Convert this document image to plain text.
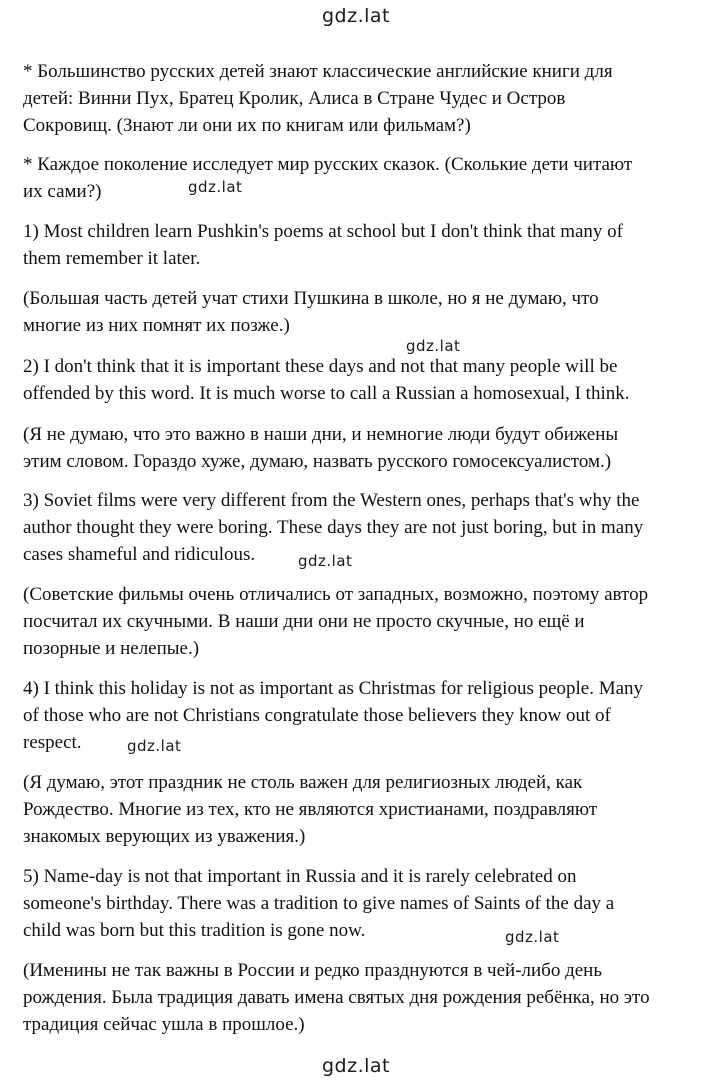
gdz.lat

* Большинство русских детей знают классические английские книги для
детей: Винни Пух, Братец Кролик, Алиса в Стране Чудес и Остров
Сокровищ. (Знают ли они их по книгам или фильмам?)

* Каждое поколение исследует мир русских сказок. (Сколькие дети читают
их сами?)	gdz.lat

1) Most children learn Pushkin's poems at school but I don't think that many of
them remember it later.

(Большая часть детей учат стихи Пушкина в школе, но я не думаю, что
многие из них помнят их позже.)

gdz.lat

2) I don't think that it is important these days and not that many people will be
offended by this word. It is much worse to call a Russian a homosexual, I think.

(Я не думаю, что это важно в наши дни, и немногие люди будут обижены
этим словом. Гораздо хуже, думаю, назвать русского гомосексуалистом.)

3) Soviet films were very different from the Western ones, perhaps that's why the
author thought they were boring. These days they are not just boring, but in many
cases shameful and ridiculous.	gdz.lat

(Советские фильмы очень отличались от западных, возможно, поэтому автор
посчитал их скучными. В наши дни они не просто скучные, но ещё и
позорные и нелепые.)

4) I think this holiday is not as important as Christmas for religious people. Many
of those who are not Christians congratulate those believers they know out of
respect.	gdz.lat

(Я думаю, этот праздник не столь важен для религиозных людей, как
Рождество. Многие из тех, кто не являются христианами, поздравляют
знакомых верующих из уважения.)

5) Name-day is not that important in Russia and it is rarely celebrated on
someone's birthday. There was a tradition to give names of Saints of the day a
child was born but this tradition is gone now.	gdz.lat

(Именины не так важны в России и редко празднуются в чей-либо день
рождения. Была традиция давать имена святых дня рождения ребёнка, но это
традиция сейчас ушла в прошлое.)

gdz.lat
